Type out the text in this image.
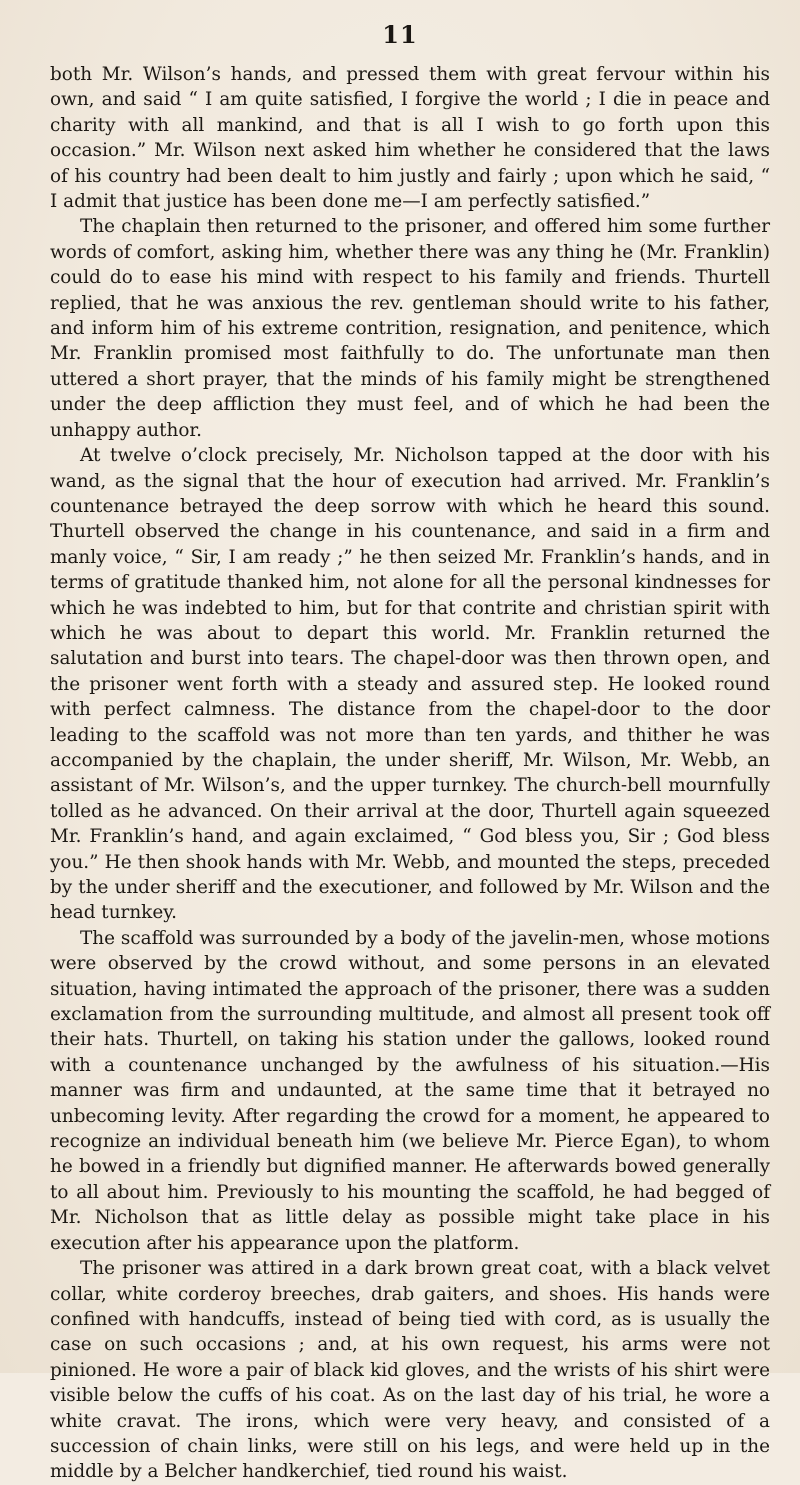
11

both Mr. Wilson’s hands, and pressed them with great fervour within his own, and said “ I am quite satisfied, I forgive the world ; I die in peace and charity with all mankind, and that is all I wish to go forth upon this occasion.” Mr. Wilson next asked him whether he considered that the laws of his country had been dealt to him justly and fairly ; upon which he said, “ I admit that justice has been done me—I am perfectly satisfied.”

The chaplain then returned to the prisoner, and offered him some further words of comfort, asking him, whether there was any thing he (Mr. Franklin) could do to ease his mind with respect to his family and friends. Thurtell replied, that he was anxious the rev. gentleman should write to his father, and inform him of his extreme contrition, resignation, and penitence, which Mr. Franklin promised most faithfully to do. The unfortunate man then uttered a short prayer, that the minds of his family might be strengthened under the deep affliction they must feel, and of which he had been the unhappy author.

At twelve o’clock precisely, Mr. Nicholson tapped at the door with his wand, as the signal that the hour of execution had arrived. Mr. Franklin’s countenance betrayed the deep sorrow with which he heard this sound. Thurtell observed the change in his countenance, and said in a firm and manly voice, “ Sir, I am ready ;” he then seized Mr. Franklin’s hands, and in terms of gratitude thanked him, not alone for all the personal kindnesses for which he was indebted to him, but for that contrite and christian spirit with which he was about to depart this world. Mr. Franklin returned the salutation and burst into tears. The chapel-door was then thrown open, and the prisoner went forth with a steady and assured step. He looked round with perfect calmness. The distance from the chapel-door to the door leading to the scaffold was not more than ten yards, and thither he was accompanied by the chaplain, the under sheriff, Mr. Wilson, Mr. Webb, an assistant of Mr. Wilson’s, and the upper turnkey. The church-bell mournfully tolled as he advanced. On their arrival at the door, Thurtell again squeezed Mr. Franklin’s hand, and again exclaimed, “ God bless you, Sir ; God bless you.” He then shook hands with Mr. Webb, and mounted the steps, preceded by the under sheriff and the executioner, and followed by Mr. Wilson and the head turnkey.

The scaffold was surrounded by a body of the javelin-men, whose motions were observed by the crowd without, and some persons in an elevated situation, having intimated the approach of the prisoner, there was a sudden exclamation from the surrounding multitude, and almost all present took off their hats. Thurtell, on taking his station under the gallows, looked round with a countenance unchanged by the awfulness of his situation.—His manner was firm and undaunted, at the same time that it betrayed no unbecoming levity. After regarding the crowd for a moment, he appeared to recognize an individual beneath him (we believe Mr. Pierce Egan), to whom he bowed in a friendly but dignified manner. He afterwards bowed generally to all about him. Previously to his mounting the scaffold, he had begged of Mr. Nicholson that as little delay as possible might take place in his execution after his appearance upon the platform.

The prisoner was attired in a dark brown great coat, with a black velvet collar, white corderoy breeches, drab gaiters, and shoes. His hands were confined with handcuffs, instead of being tied with cord, as is usually the case on such occasions ; and, at his own request, his arms were not pinioned. He wore a pair of black kid gloves, and the wrists of his shirt were visible below the cuffs of his coat. As on the last day of his trial, he wore a white cravat. The irons, which were very heavy, and consisted of a succession of chain links, were still on his legs, and were held up in the middle by a Belcher handkerchief, tied round his waist.
